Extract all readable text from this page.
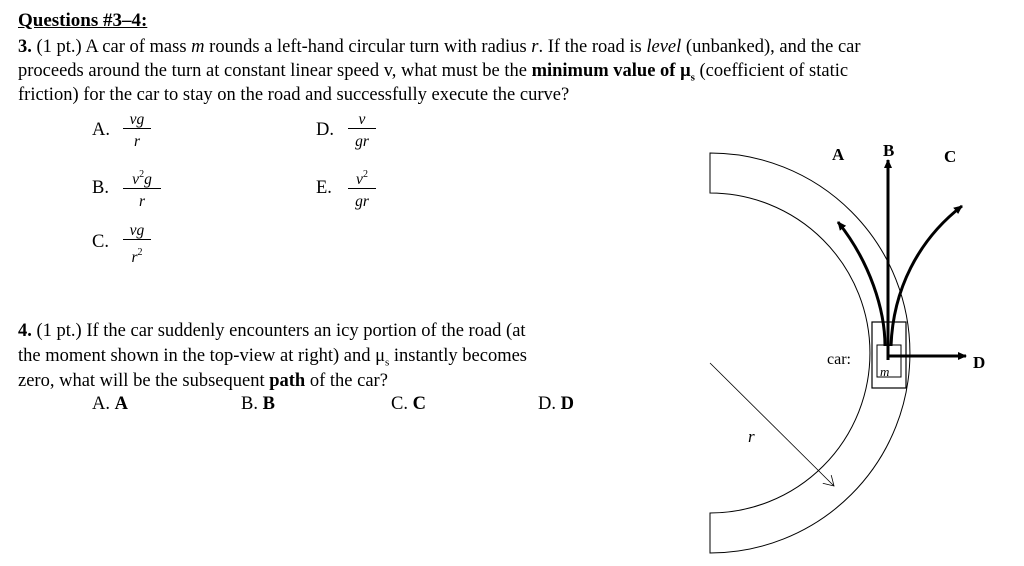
Questions #3–4:
3. (1 pt.) A car of mass m rounds a left-hand circular turn with radius r. If the road is level (unbanked), and the car
proceeds around the turn at constant linear speed v, what must be the minimum value of $\mu_s$ (coefficient of static
friction) for the car to stay on the road and successfully execute the curve?
A.
vg
r
B. $v^2g$
r
C.
vg
$r^2$
D.
v
gr
E. $v^2$
gr
4. (1 pt.) If the car suddenly encounters an icy portion of the road (at
the moment shown in the top-view at right) and $\mu_s$ instantly becomes
zero, what will be the subsequent path of the car?
A. A	B. B	C. C	D. D
A B	C
D
car:
m
r
